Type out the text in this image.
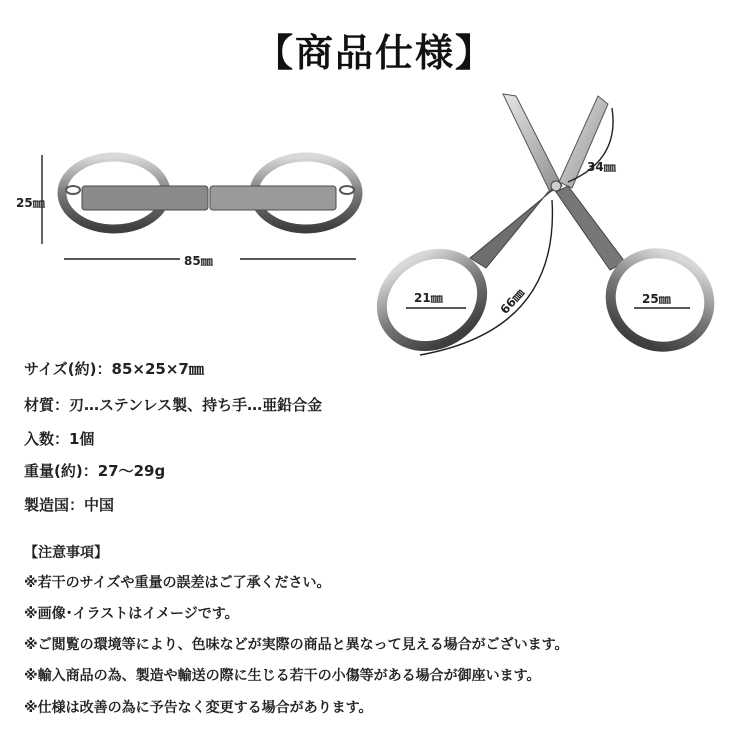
【商品仕様】
25㎜
85㎜
34㎜
21㎜	66㎜	25㎜
サイズ(約)：85×25×7㎜
材質：刃…ステンレス製、持ち手…亜鉛合金
入数：1個
重量(約)：27〜29g
製造国：中国
【注意事項】
※若干のサイズや重量の誤差はご了承ください。
※画像･イラストはイメージです。
※ご閲覧の環境等により、色味などが実際の商品と異なって見える場合がございます。
※輸入商品の為、製造や輸送の際に生じる若干の小傷等がある場合が御座います。
※仕様は改善の為に予告なく変更する場合があります。
